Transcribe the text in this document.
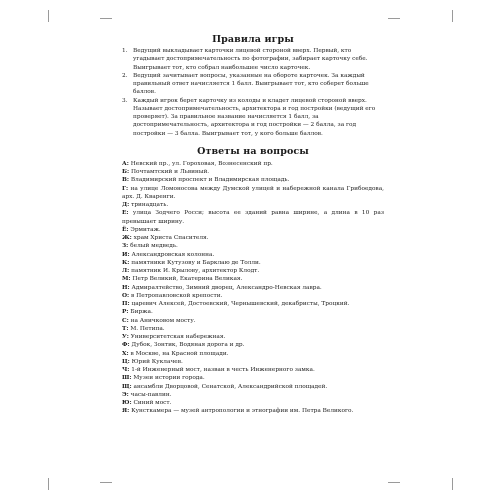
Правила игры
1. Ведущий выкладывает карточки лицевой стороной вверх. Первый, кто угадывает достопримечательность по фотографии, забирает карточку себе. Выигрывает тот, кто собрал наибольшее число карточек.
2. Ведущий зачитывает вопросы, указанные на обороте карточек. За каждый правильный ответ начисляется 1 балл. Выигрывает тот, кто соберет больше баллов.
3. Каждый игрок берет карточку из колоды и кладет лицевой стороной вверх. Называет достопримечательность, архитектора и год постройки (ведущий его проверяет). За правильное название начисляется 1 балл, за достопримечательность, архитектора и год постройки — 2 балла, за год постройки — 3 балла. Выигрывает тот, у кого больше баллов.
Ответы на вопросы
А: Невский пр., ул. Гороховая, Вознесенский пр.
Б: Почтамтский и Львиный.
В: Владимирский проспект и Владимирская площадь.
Г: на улице Ломоносова между Думской улицей и набережной канала Грибоедова, арх. Д. Кваренги.
Д: тринадцать.
Е: улица Зодчего Росси; высота ее зданий равна ширине, а длина в 10 раз превышает ширину.
Ё: Эрмитаж.
Ж: храм Христа Спасителя.
З: белый медведь.
И: Александровская колонна.
К: памятники Кутузову и Барклаю де Толли.
Л: памятник И. Крылову, архитектор Клодт.
М: Петр Великий, Екатерина Великая.
Н: Адмиралтейство, Зимний дворец, Александро-Невская лавра.
О: в Петропавловской крепости.
П: царевич Алексей, Достоевский, Чернышевский, декабристы, Троцкий.
Р: Биржа.
С: на Аничковом мосту.
Т: М. Петипа.
У: Университетская набережная.
Ф: Дубок, Зонтик, Водяная дорога и др.
Х: в Москве, на Красной площади.
Ц: Юрий Куклачев.
Ч: 1-й Инженерный мост, назван в честь Инженерного замка.
Ш: Музеи истории города.
Щ: ансамбли Дворцовой, Сенатской, Александрийской площадей.
Э: часы-павлин.
Ю: Синий мост.
Я: Кунсткамера — музей антропологии и этнографии им. Петра Великого.
